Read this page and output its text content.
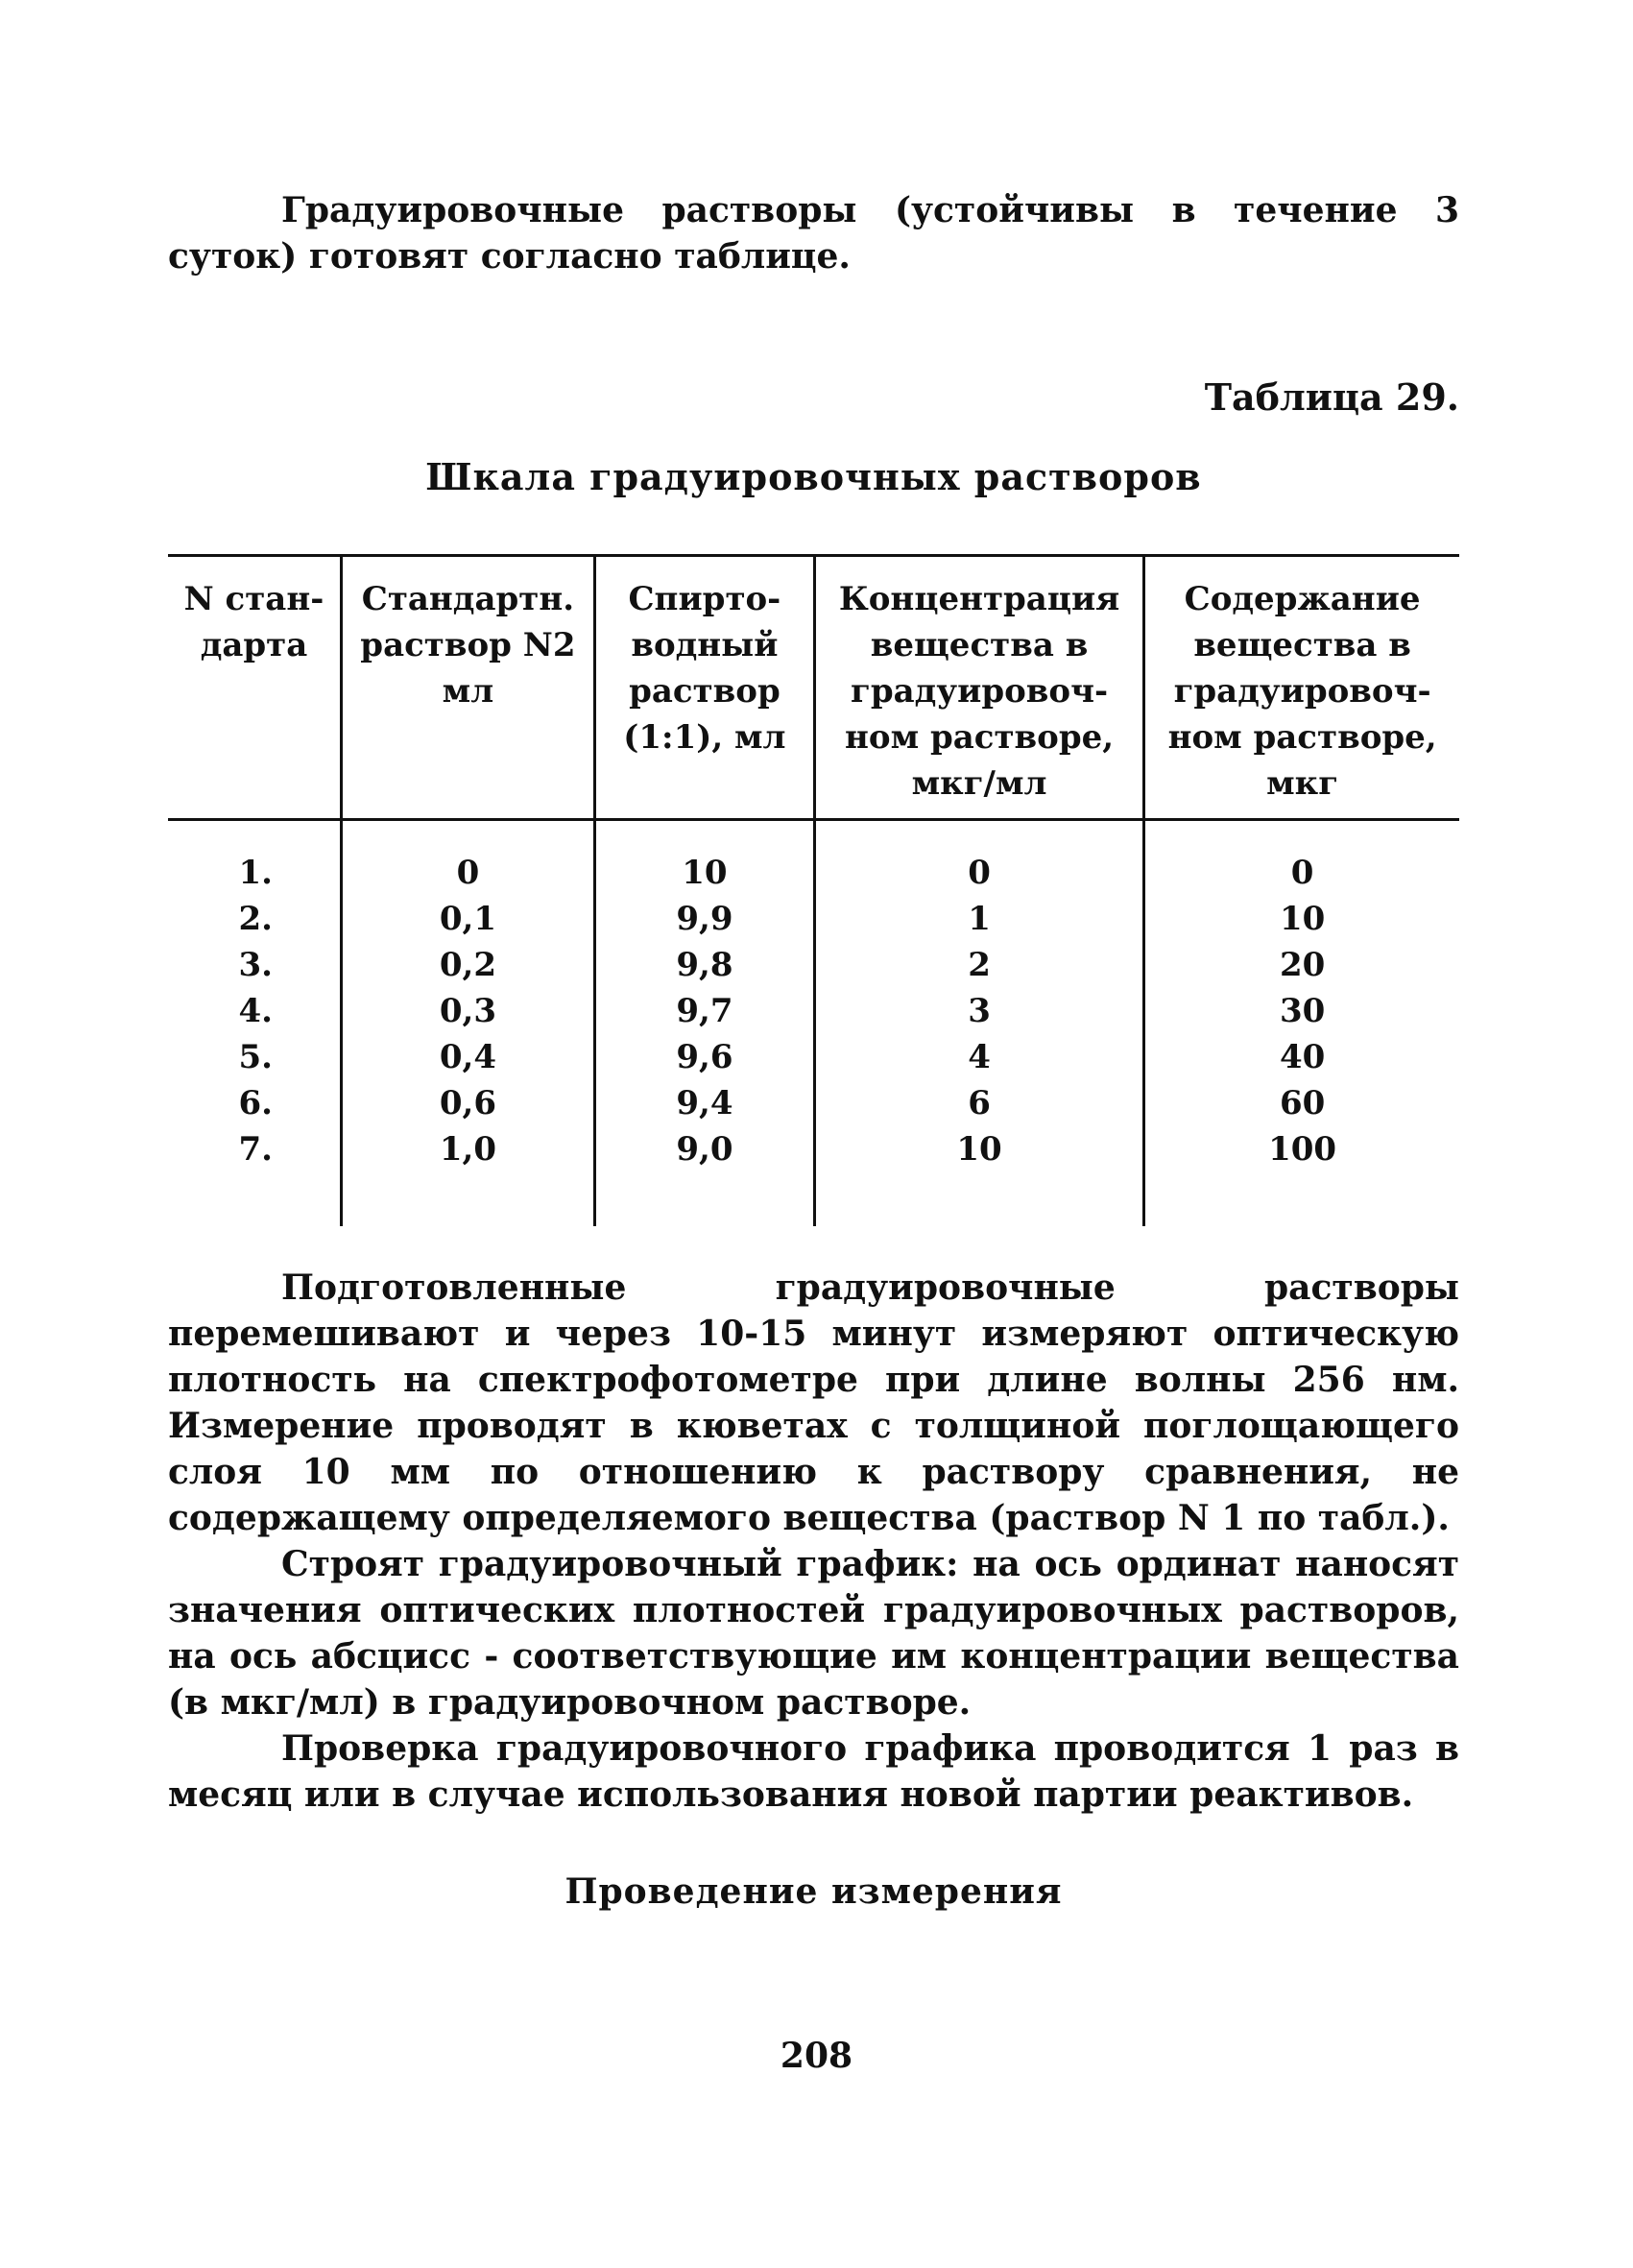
Градуировочные растворы (устойчивы в течение 3 суток) готовят согласно таблице.

Таблица 29.
Шкала градуировочных растворов
N стан-
дарта	Стандартн.
раствор N2
мл	Спирто-
водный
раствор
(1:1), мл	Концентрация
вещества в
градуировоч-
ном растворе,
мкг/мл	Содержание
вещества в
градуировоч-
ном растворе,
мкг
1.	0	10	0	0
2.	0,1	9,9	1	10
3.	0,2	9,8	2	20
4.	0,3	9,7	3	30
5.	0,4	9,6	4	40
6.	0,6	9,4	6	60
7.	1,0	9,0	10	100

Подготовленные градуировочные растворы перемешивают и через 10-15 минут измеряют оптическую плотность на спектрофотометре при длине волны 256 нм. Измерение проводят в кюветах с толщиной поглощающего слоя 10 мм по отношению к раствору сравнения, не содержащему определяемого вещества (раствор N 1 по табл.).

Строят градуировочный график: на ось ординат наносят значения оптических плотностей градуировочных растворов, на ось абсцисс - соответствующие им концентрации вещества (в мкг/мл) в градуировочном растворе.

Проверка градуировочного графика проводится 1 раз в месяц или в случае использования новой партии реактивов.

Проведение измерения
208
